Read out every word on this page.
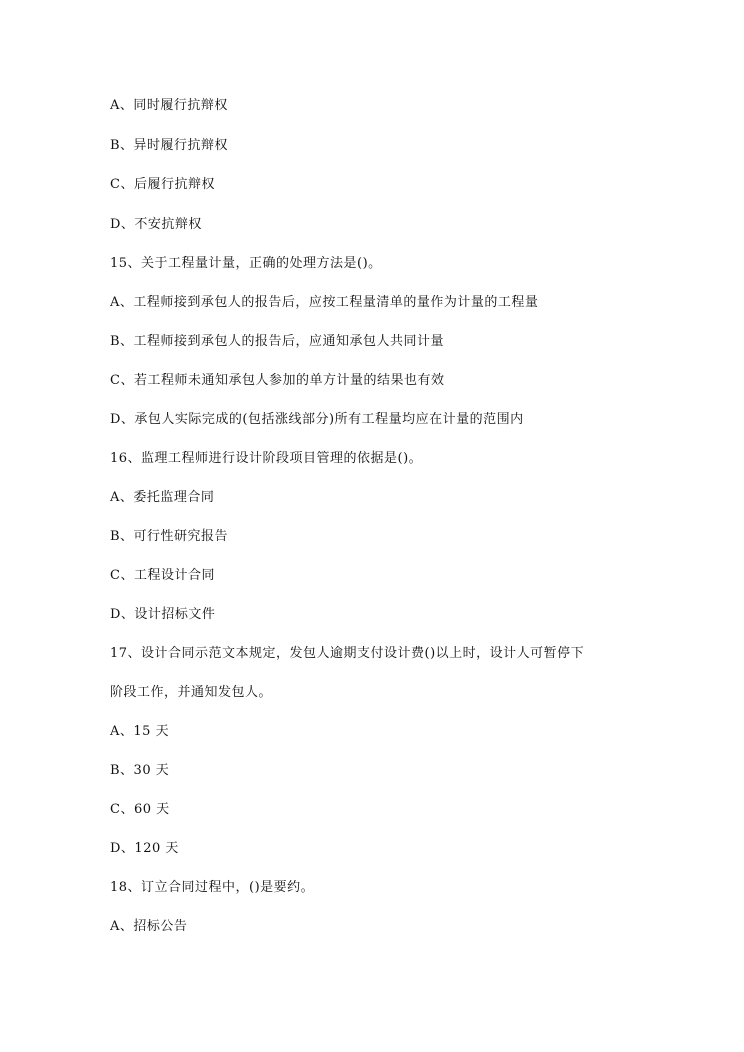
A、同时履行抗辩权
B、异时履行抗辩权
C、后履行抗辩权
D、不安抗辩权
15、关于工程量计量，正确的处理方法是()。
A、工程师接到承包人的报告后，应按工程量清单的量作为计量的工程量
B、工程师接到承包人的报告后，应通知承包人共同计量
C、若工程师未通知承包人参加的单方计量的结果也有效
D、承包人实际完成的(包括涨线部分)所有工程量均应在计量的范围内
16、监理工程师进行设计阶段项目管理的依据是()。
A、委托监理合同
B、可行性研究报告
C、工程设计合同
D、设计招标文件
17、设计合同示范文本规定，发包人逾期支付设计费()以上时，设计人可暂停下
阶段工作，并通知发包人。
A、15 天
B、30 天
C、60 天
D、120 天
18、订立合同过程中，()是要约。
A、招标公告
